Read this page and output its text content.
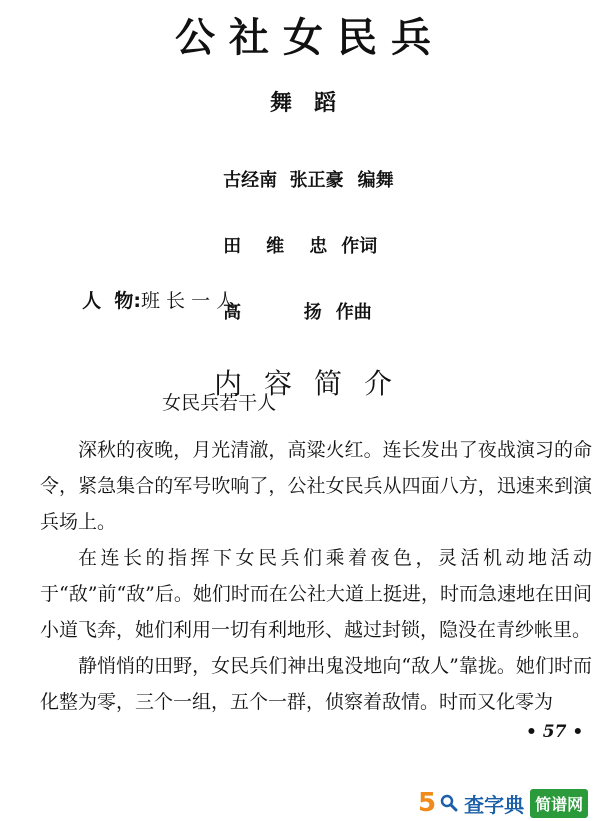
公社女民兵
舞蹈

古经南  张正豪 编舞

田    维    忠 作词

高          扬 作曲

人  物:班 长 一 人

女民兵若干人

内容简介

深秋的夜晚，月光清澈，高粱火红。连长发出了夜战演习的命令，紧急集合的军号吹响了，公社女民兵从四面八方，迅速来到演兵场上。

在连长的指挥下女民兵们乘着夜色，灵活机动地活动于“敌”前“敌”后。她们时而在公社大道上挺进，时而急速地在田间小道飞奔，她们利用一切有利地形、越过封锁，隐没在青纱帐里。

静悄悄的田野，女民兵们神出鬼没地向“敌人”靠拢。她们时而化整为零，三个一组，五个一群，侦察着敌情。时而又化零为

• 57 •
5 查字典 简谱网
